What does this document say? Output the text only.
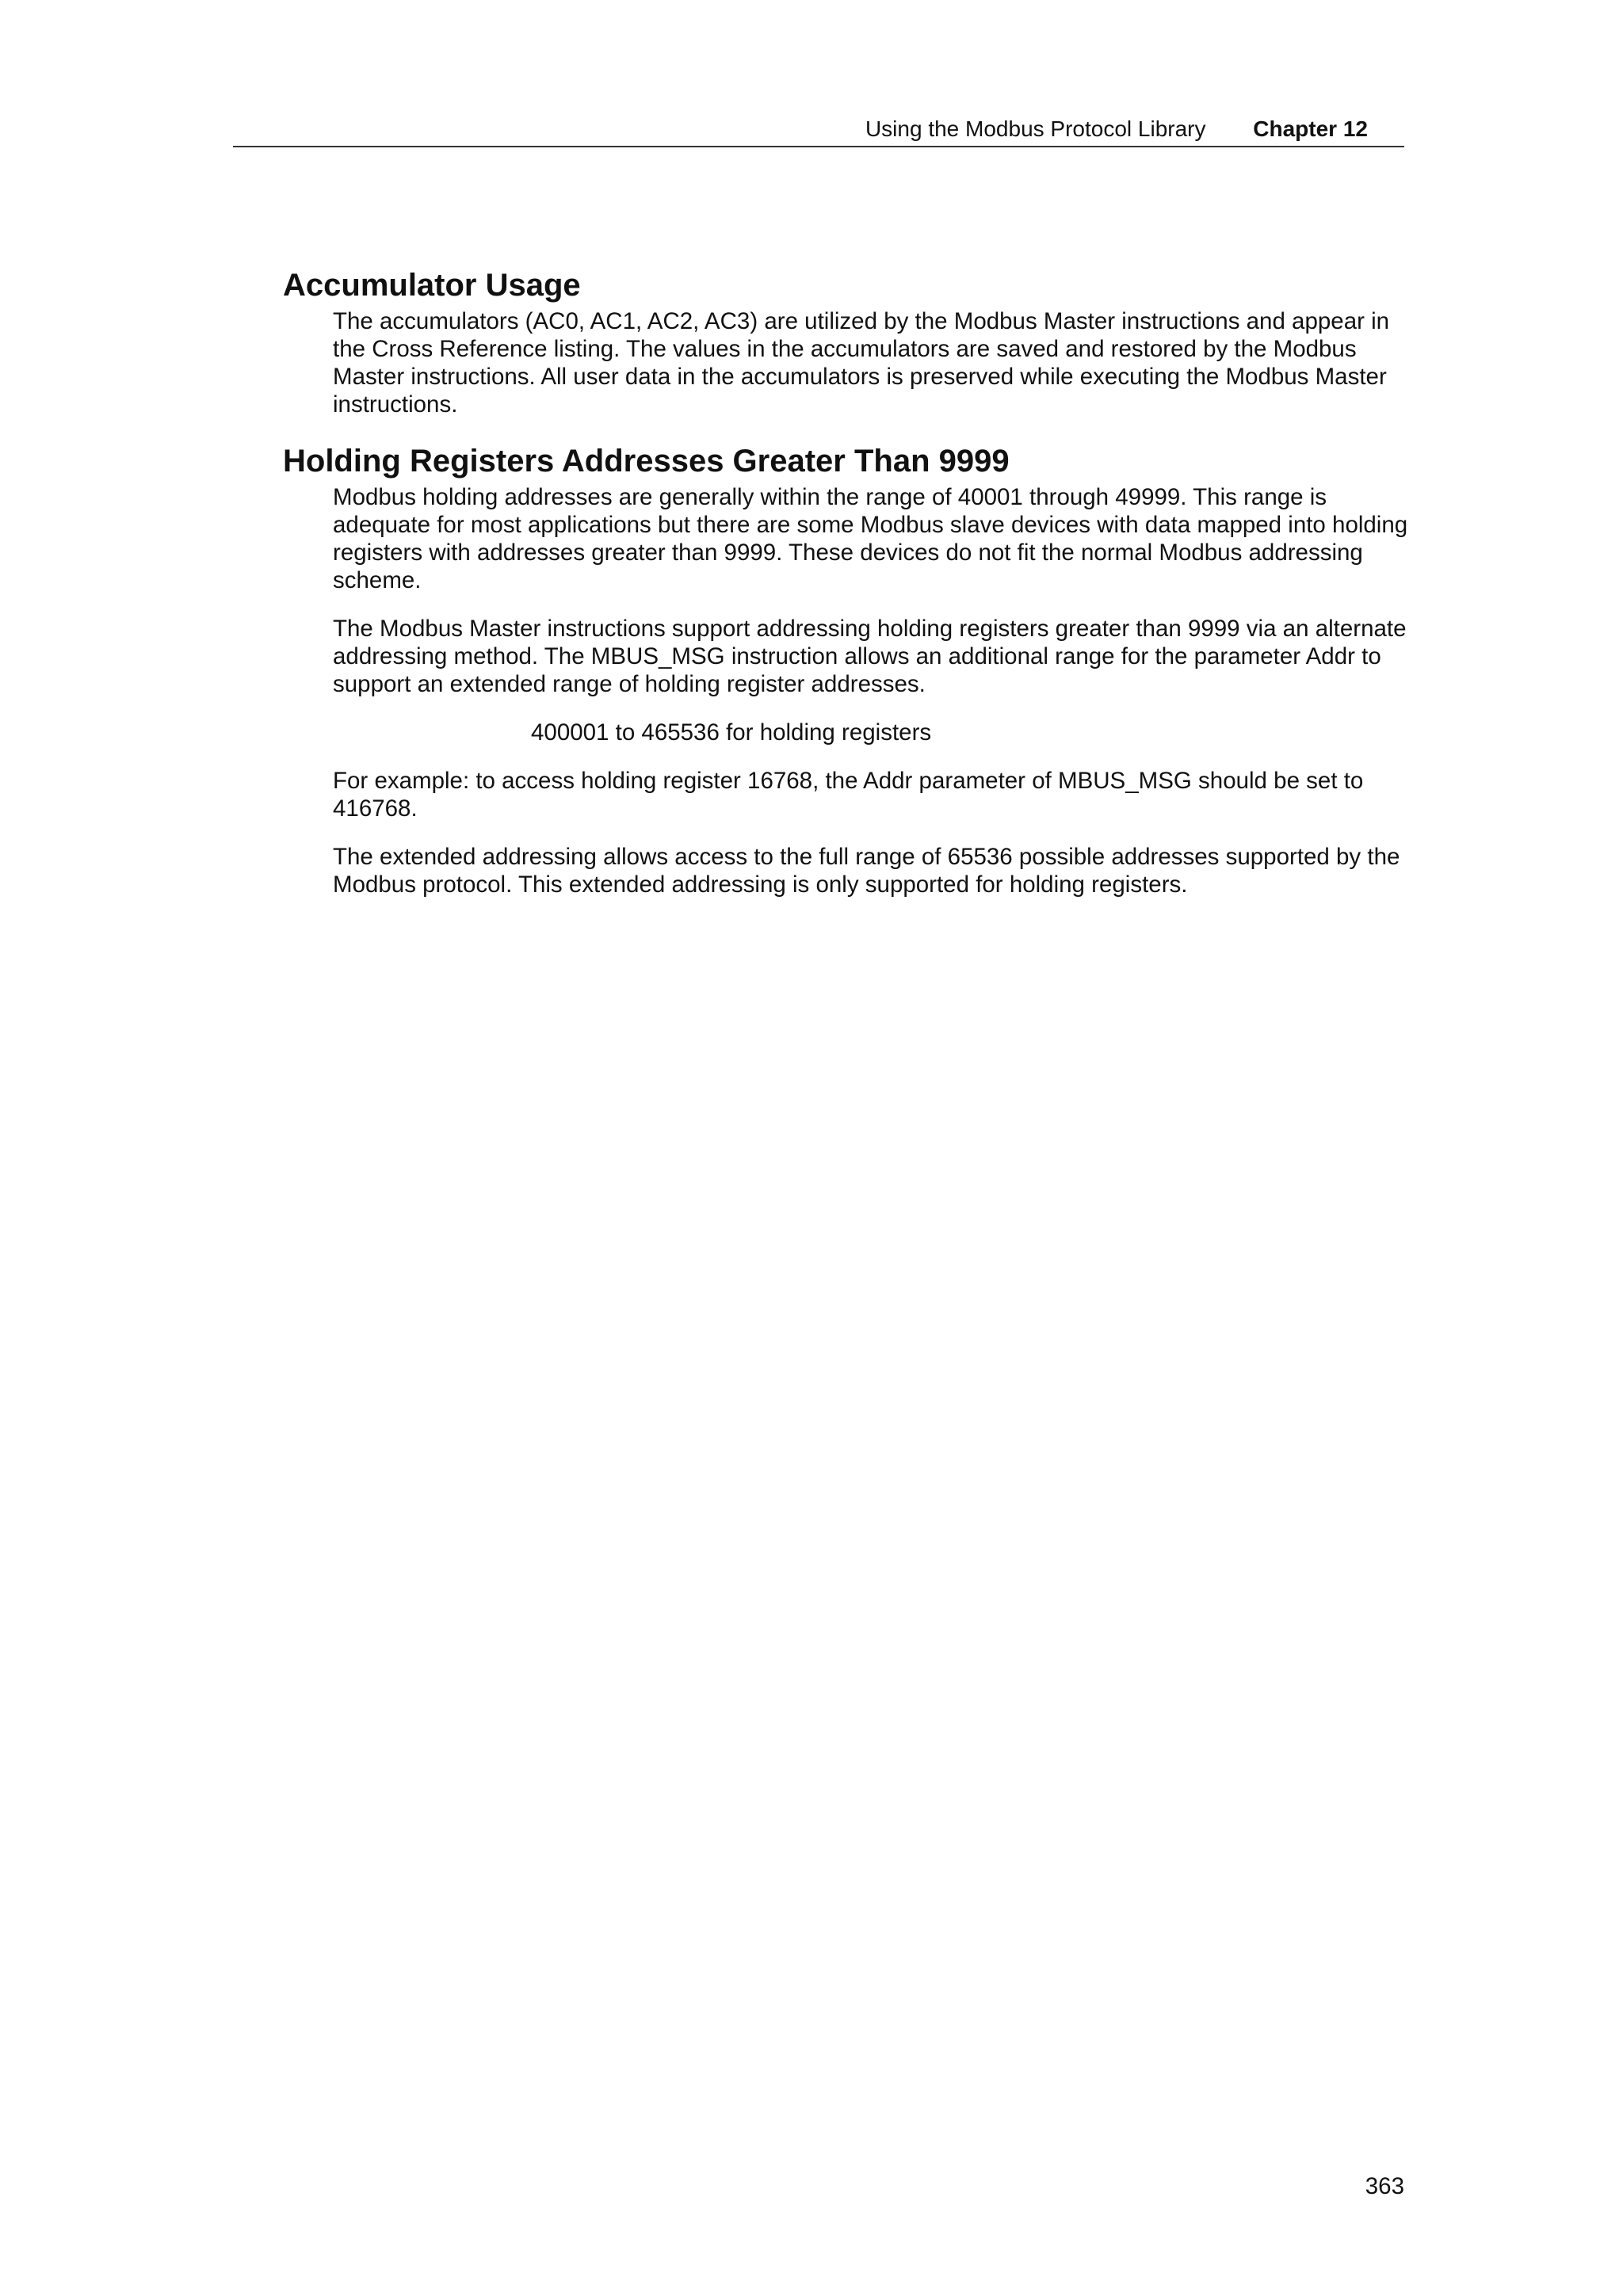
Using the Modbus Protocol Library Chapter 12
Accumulator Usage

The accumulators (AC0, AC1, AC2, AC3) are utilized by the Modbus Master instructions and appear in the Cross Reference listing. The values in the accumulators are saved and restored by the Modbus Master instructions. All user data in the accumulators is preserved while executing the Modbus Master instructions.

Holding Registers Addresses Greater Than 9999

Modbus holding addresses are generally within the range of 40001 through 49999. This range is adequate for most applications but there are some Modbus slave devices with data mapped into holding registers with addresses greater than 9999. These devices do not fit the normal Modbus addressing scheme.

The Modbus Master instructions support addressing holding registers greater than 9999 via an alternate addressing method. The MBUS_MSG instruction allows an additional range for the parameter Addr to support an extended range of holding register addresses.

400001 to 465536 for holding registers

For example: to access holding register 16768, the Addr parameter of MBUS_MSG should be set to 416768.

The extended addressing allows access to the full range of 65536 possible addresses supported by the Modbus protocol. This extended addressing is only supported for holding registers.

363
